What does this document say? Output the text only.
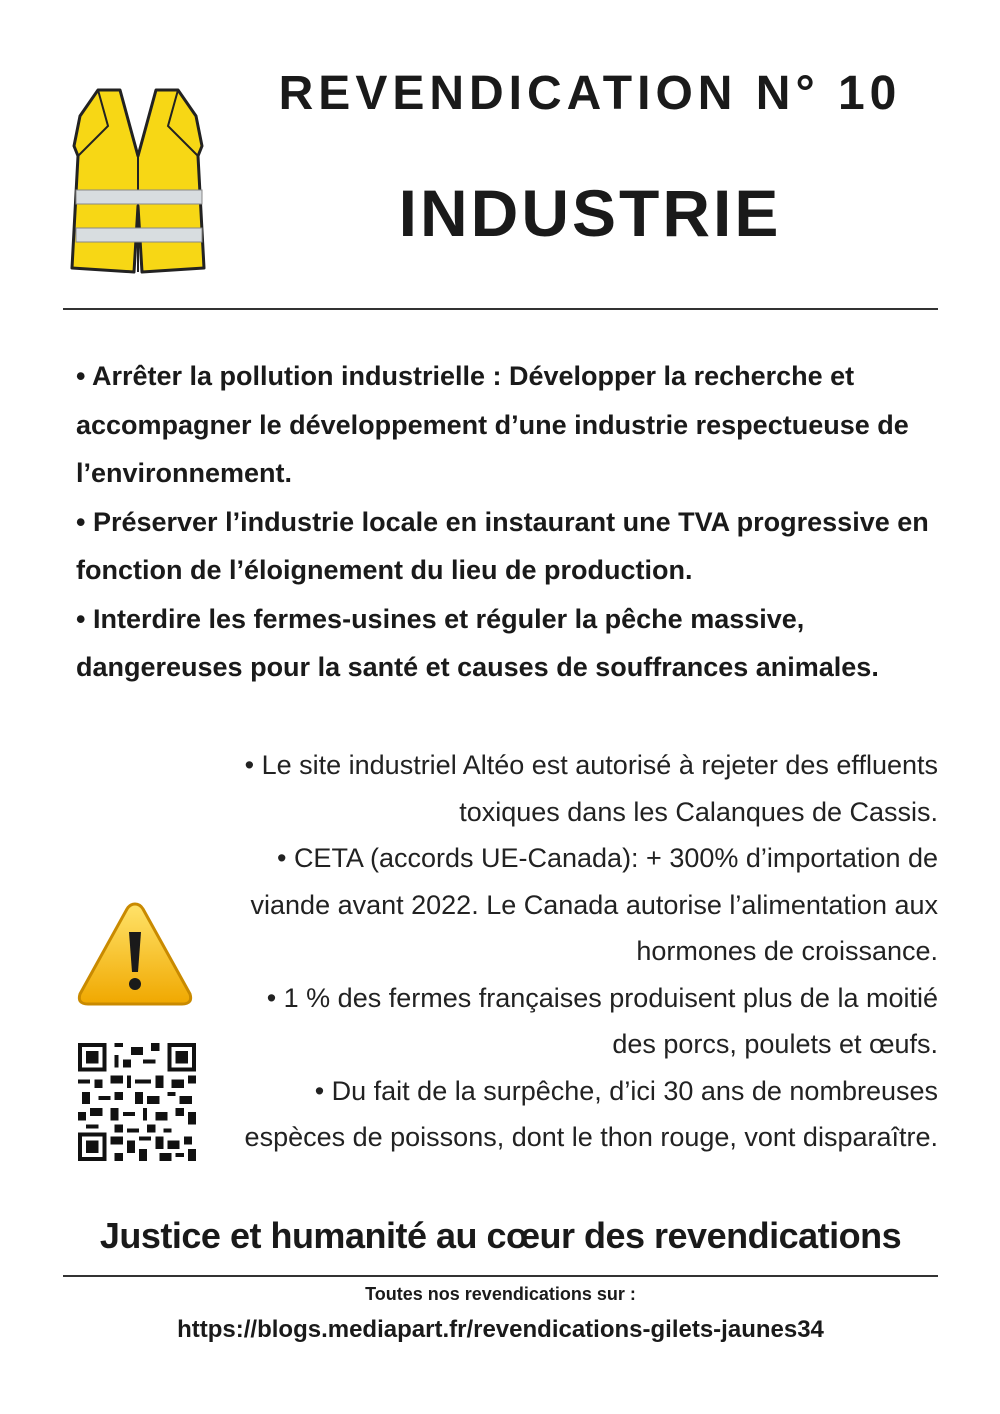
REVENDICATION N° 10
INDUSTRIE
• Arrêter la pollution industrielle : Développer la recherche et accompagner le développement d’une industrie respectueuse de l’environnement.
• Préserver l’industrie locale en instaurant une TVA progressive en fonction de l’éloignement du lieu de production.
• Interdire les fermes-usines et réguler la pêche massive, dangereuses pour la santé et causes de souffrances animales.
• Le site industriel Altéo est autorisé à rejeter des effluents toxiques dans les Calanques de Cassis.
• CETA (accords UE-Canada): + 300% d’importation de viande avant 2022. Le Canada autorise l’alimentation aux hormones de croissance.
• 1 % des fermes françaises produisent plus de la moitié des porcs, poulets et œufs.
• Du fait de la surpêche, d’ici 30 ans de nombreuses espèces de poissons, dont le thon rouge, vont disparaître.
Justice et humanité au cœur des revendications
Toutes nos revendications sur :
https://blogs.mediapart.fr/revendications-gilets-jaunes34
